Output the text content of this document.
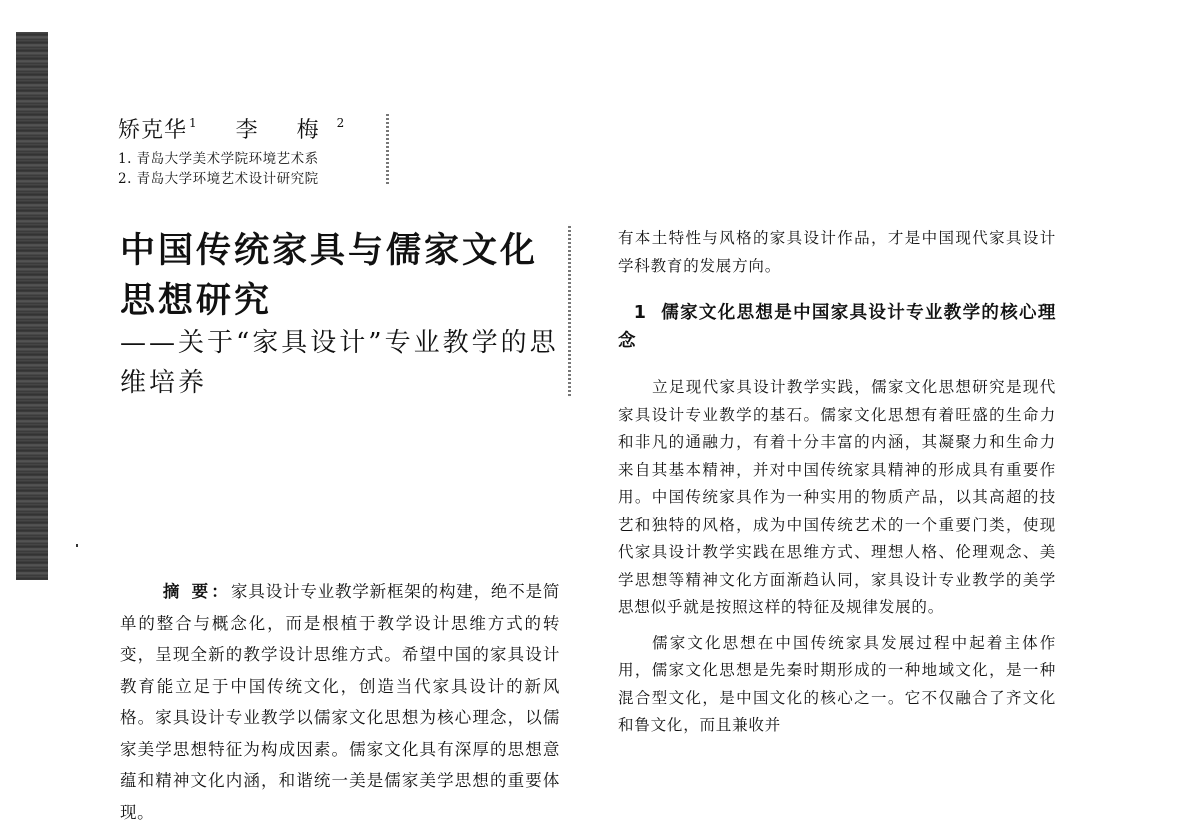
矫克华 $^1$ 李 梅 $^2$
1. 青岛大学美术学院环境艺术系
2. 青岛大学环境艺术设计研究院
中国传统家具与儒家文化思想研究
——关于“家具设计”专业教学的思维培养

摘 要：家具设计专业教学新框架的构建，绝不是简单的整合与概念化，而是根植于教学设计思维方式的转变，呈现全新的教学设计思维方式。希望中国的家具设计教育能立足于中国传统文化，创造当代家具设计的新风格。家具设计专业教学以儒家文化思想为核心理念，以儒家美学思想特征为构成因素。儒家文化具有深厚的思想意蕴和精神文化内涵，和谐统一美是儒家美学思想的重要体现。

有本土特性与风格的家具设计作品，才是中国现代家具设计学科教育的发展方向。

1 儒家文化思想是中国家具设计专业教学的核心理念

立足现代家具设计教学实践，儒家文化思想研究是现代家具设计专业教学的基石。儒家文化思想有着旺盛的生命力和非凡的通融力，有着十分丰富的内涵，其凝聚力和生命力来自其基本精神，并对中国传统家具精神的形成具有重要作用。中国传统家具作为一种实用的物质产品，以其高超的技艺和独特的风格，成为中国传统艺术的一个重要门类，使现代家具设计教学实践在思维方式、理想人格、伦理观念、美学思想等精神文化方面渐趋认同，家具设计专业教学的美学思想似乎就是按照这样的特征及规律发展的。

儒家文化思想在中国传统家具发展过程中起着主体作用，儒家文化思想是先秦时期形成的一种地域文化，是一种混合型文化，是中国文化的核心之一。它不仅融合了齐文化和鲁文化，而且兼收并
